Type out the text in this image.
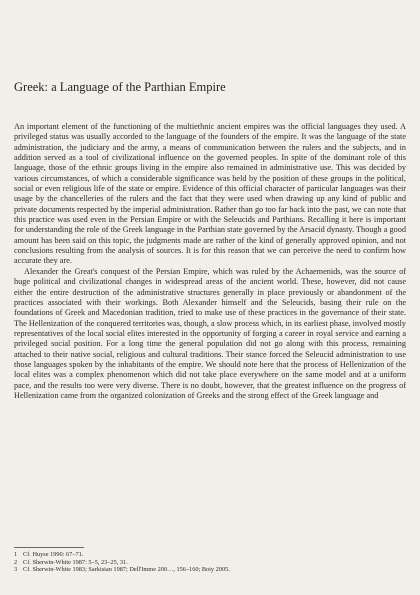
Greek: a Language of the Parthian Empire

An important element of the functioning of the multiethnic ancient empires was the official languages they used. A privileged status was usually accorded to the language of the founders of the empire. It was the language of the state administration, the judiciary and the army, a means of communication between the rulers and the subjects, and in addition served as a tool of civilizational influence on the governed peoples. In spite of the dominant role of this language, those of the ethnic groups living in the empire also remained in administrative use. This was decided by various circumstances, of which a considerable significance was held by the position of these groups in the political, social or even religious life of the state or empire. Evidence of this official character of particular languages was their usage by the chancelleries of the rulers and the fact that they were used when drawing up any kind of public and private documents respected by the imperial administration. Rather than go too far back into the past, we can note that this practice was used even in the Persian Empire or with the Seleucids and Parthians. Recalling it here is important for understanding the role of the Greek language in the Parthian state governed by the Arsacid dynasty. Though a good amount has been said on this topic, the judgments made are rather of the kind of generally approved opinion, and not conclusions resulting from the analysis of sources. It is for this reason that we can perceive the need to confirm how accurate they are.

Alexander the Great's conquest of the Persian Empire, which was ruled by the Achaemenids, was the source of huge political and civilizational changes in widespread areas of the ancient world. These, however, did not cause either the entire destruction of the administrative structures generally in place previously or abandonment of the practices associated with their workings. Both Alexander himself and the Seleucids, basing their rule on the foundations of Greek and Macedonian tradition, tried to make use of these practices in the governance of their state. The Hellenization of the conquered territories was, though, a slow process which, in its earliest phase, involved mostly representatives of the local social elites interested in the opportunity of forging a career in royal service and earning a privileged social position. For a long time the general population did not go along with this process, remaining attached to their native social, religious and cultural traditions. Their stance forced the Seleucid administration to use those languages spoken by the inhabitants of the empire. We should note here that the process of Hellenization of the local elites was a complex phenomenon which did not take place everywhere on the same model and at a uniform pace, and the results too were very diverse. There is no doubt, however, that the greatest influence on the progress of Hellenization came from the organized colonization of Greeks and the strong effect of the Greek language and

1 Cf. Huyse 1990: 67–71.
2 Cf. Sherwin-White 1987: 5–5, 23–25, 31.
3 Cf. Sherwin-White 1983; Sarkisian 1987; Dell'Imme 200…, 156–160; Boiy 2005.
